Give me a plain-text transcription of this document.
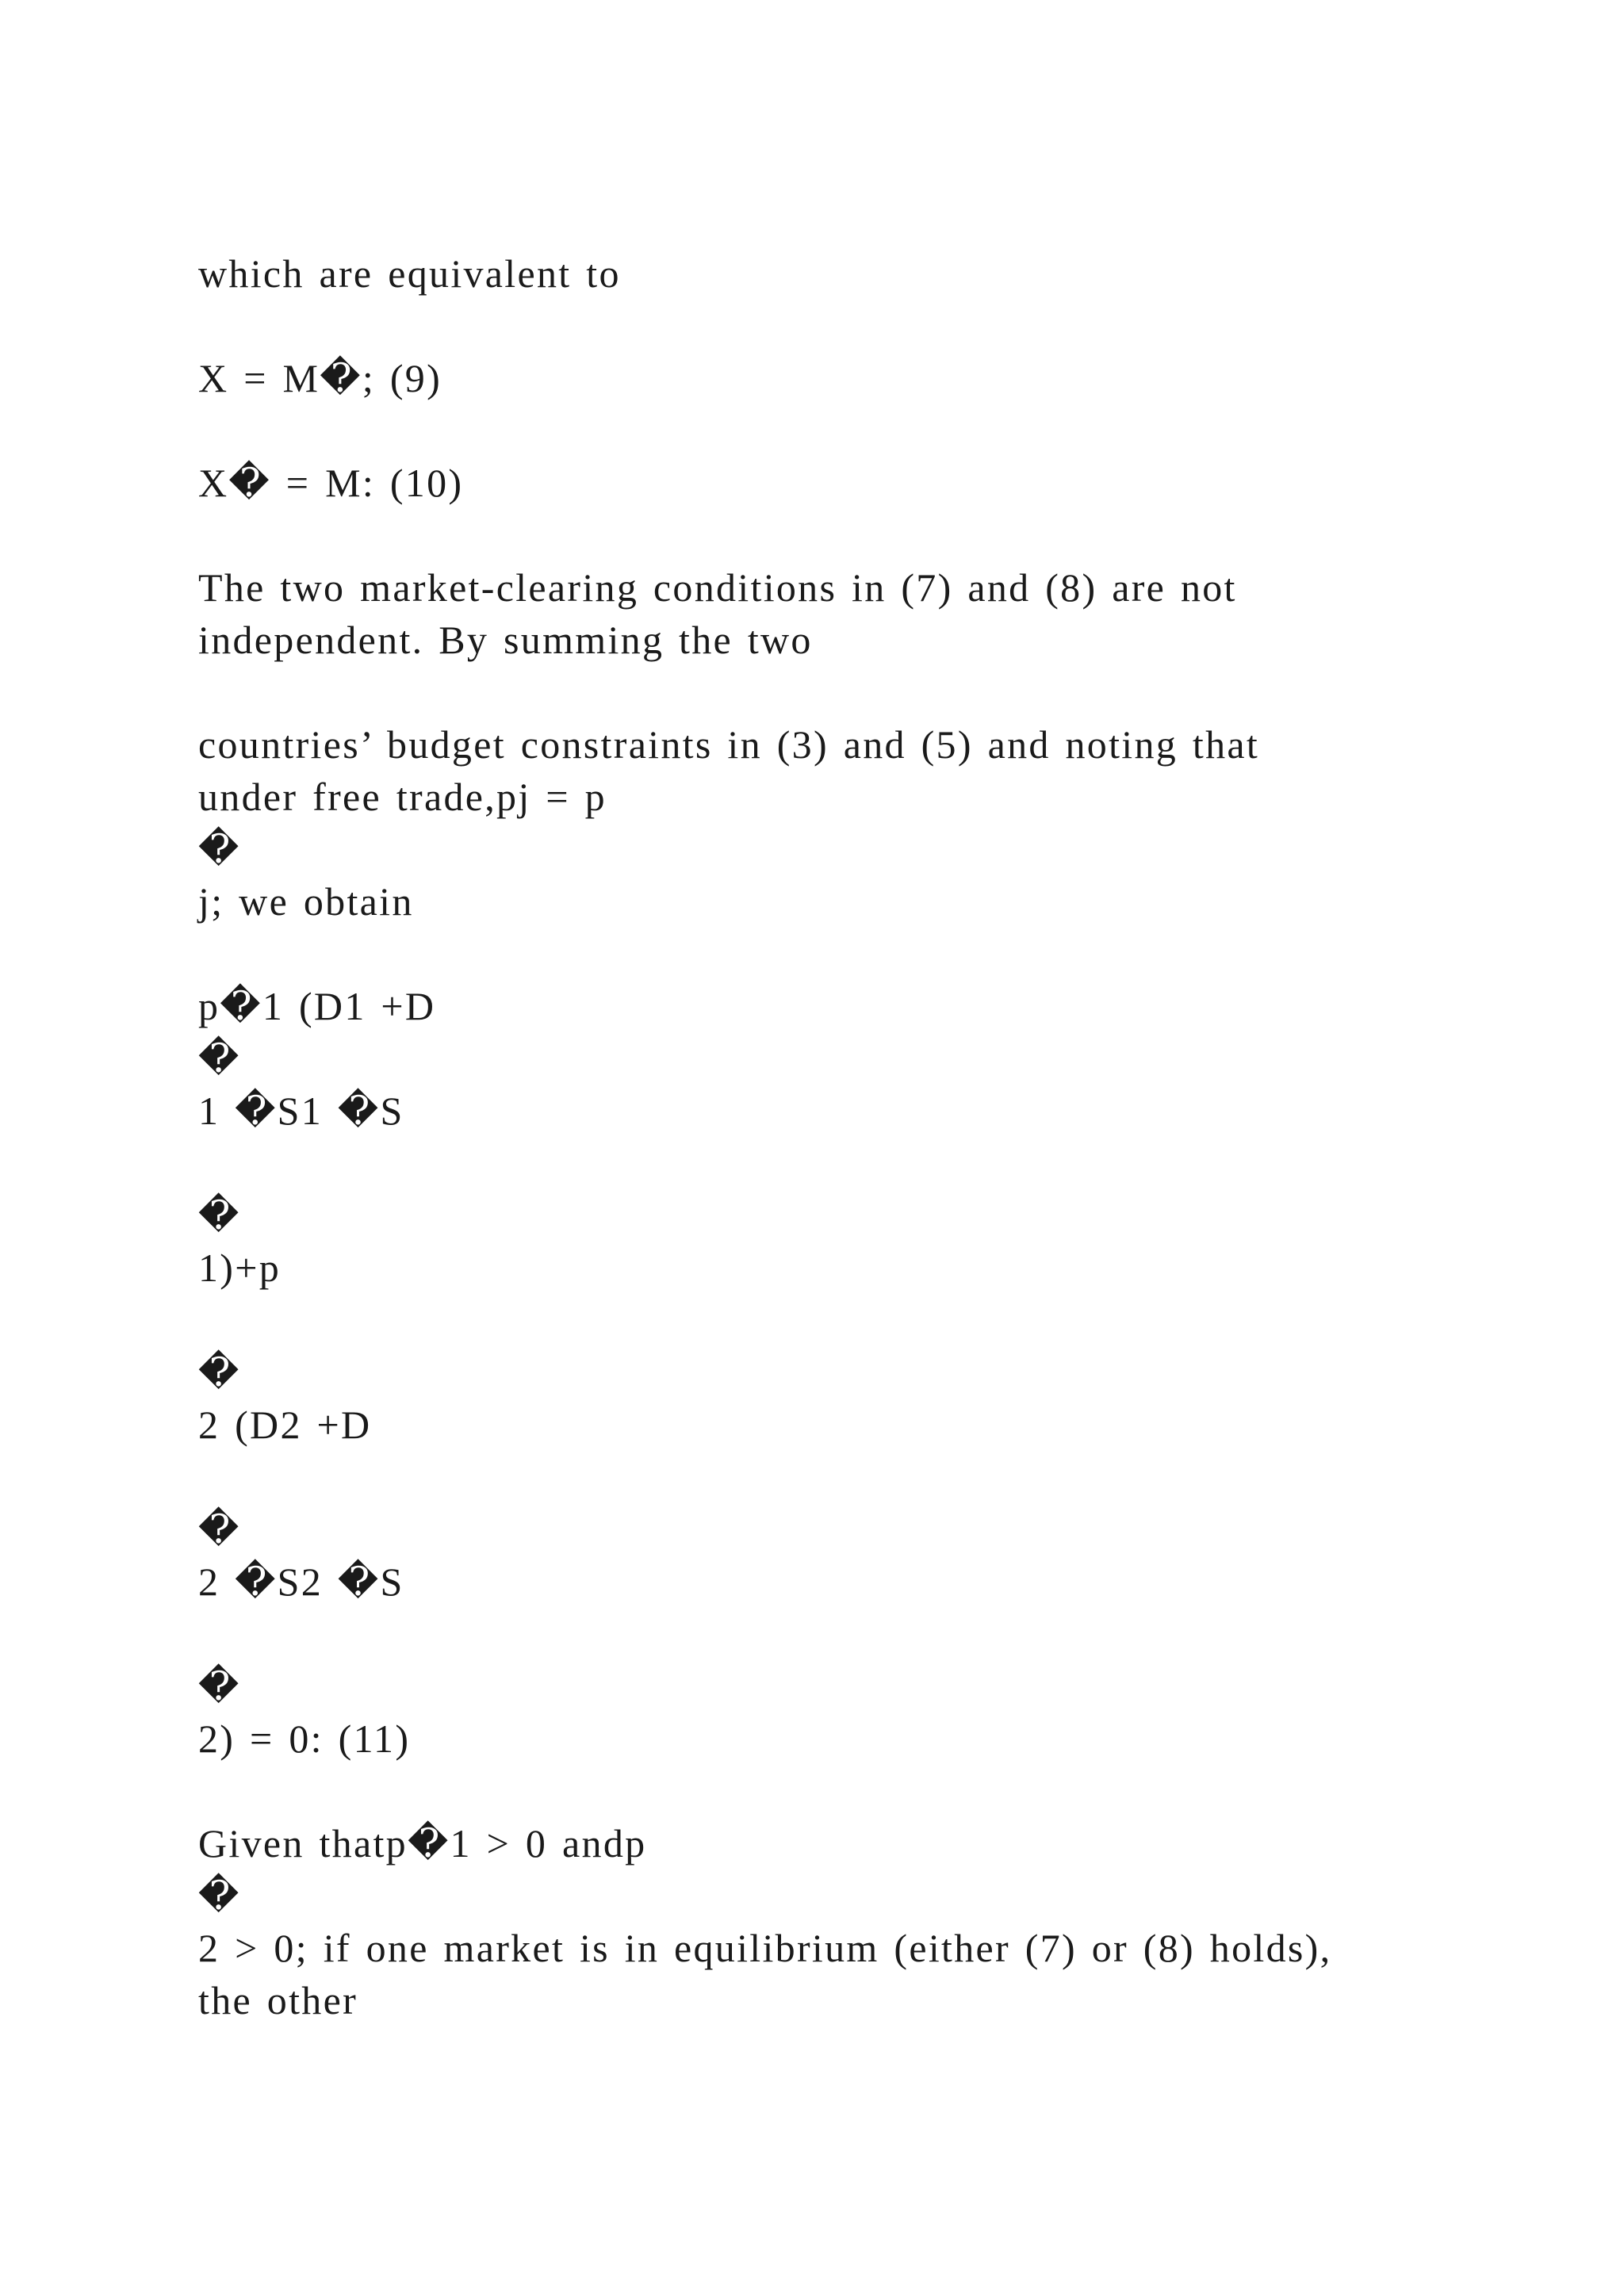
which are equivalent to
X = M�; (9)
X� = M: (10)
The two market-clearing conditions in (7) and (8) are not
independent. By summing the two
countries’ budget constraints in (3) and (5) and noting that
under free trade,pj = p
�
j; we obtain
p�1 (D1 +D
�
1 �S1 �S
�
1)+p
�
2 (D2 +D
�
2 �S2 �S
�
2) = 0: (11)
Given thatp�1 > 0 andp
�
2 > 0; if one market is in equilibrium (either (7) or (8) holds),
the other
